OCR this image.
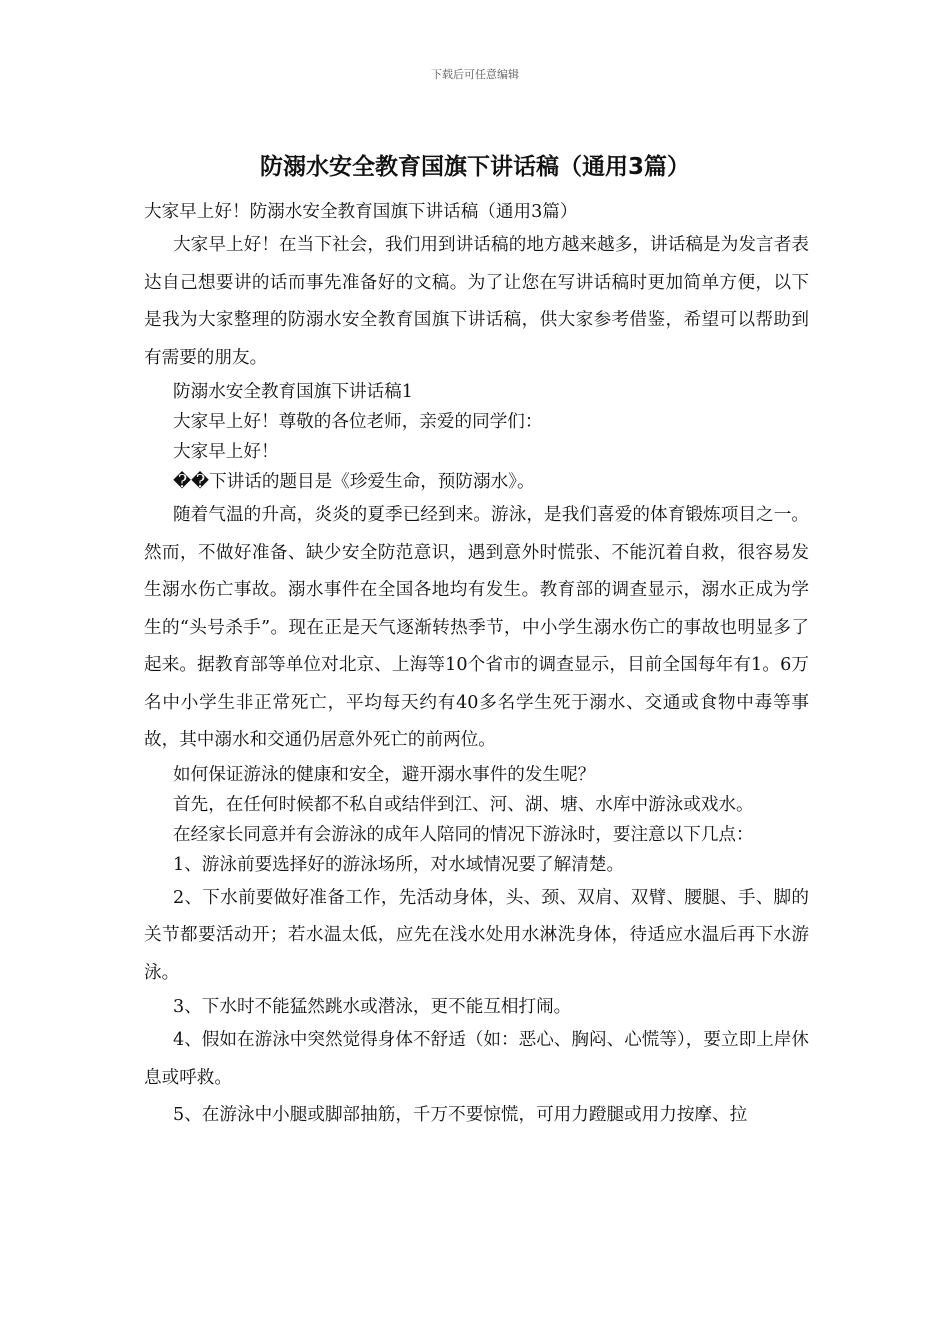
下载后可任意编辑
防溺水安全教育国旗下讲话稿（通用3篇）

大家早上好！防溺水安全教育国旗下讲话稿（通用3篇）

大家早上好！在当下社会，我们用到讲话稿的地方越来越多，讲话稿是为发言者表达自己想要讲的话而事先准备好的文稿。为了让您在写讲话稿时更加简单方便，以下是我为大家整理的防溺水安全教育国旗下讲话稿，供大家参考借鉴，希望可以帮助到有需要的朋友。

防溺水安全教育国旗下讲话稿1

大家早上好！尊敬的各位老师，亲爱的同学们：

大家早上好！

��下讲话的题目是《珍爱生命，预防溺水》。

随着气温的升高，炎炎的夏季已经到来。游泳，是我们喜爱的体育锻炼项目之一。然而，不做好准备、缺少安全防范意识，遇到意外时慌张、不能沉着自救，很容易发生溺水伤亡事故。溺水事件在全国各地均有发生。教育部的调查显示，溺水正成为学生的“头号杀手”。现在正是天气逐渐转热季节，中小学生溺水伤亡的事故也明显多了起来。据教育部等单位对北京、上海等10个省市的调查显示，目前全国每年有1。6万名中小学生非正常死亡，平均每天约有40多名学生死于溺水、交通或食物中毒等事故，其中溺水和交通仍居意外死亡的前两位。

如何保证游泳的健康和安全，避开溺水事件的发生呢？

首先，在任何时候都不私自或结伴到江、河、湖、塘、水库中游泳或戏水。

在经家长同意并有会游泳的成年人陪同的情况下游泳时，要注意以下几点：

1、游泳前要选择好的游泳场所，对水域情况要了解清楚。

2、下水前要做好准备工作，先活动身体，头、颈、双肩、双臂、腰腿、手、脚的关节都要活动开；若水温太低，应先在浅水处用水淋洗身体，待适应水温后再下水游泳。

3、下水时不能猛然跳水或潜泳，更不能互相打闹。

4、假如在游泳中突然觉得身体不舒适（如：恶心、胸闷、心慌等），要立即上岸休息或呼救。

5、在游泳中小腿或脚部抽筋，千万不要惊慌，可用力蹬腿或用力按摩、拉
